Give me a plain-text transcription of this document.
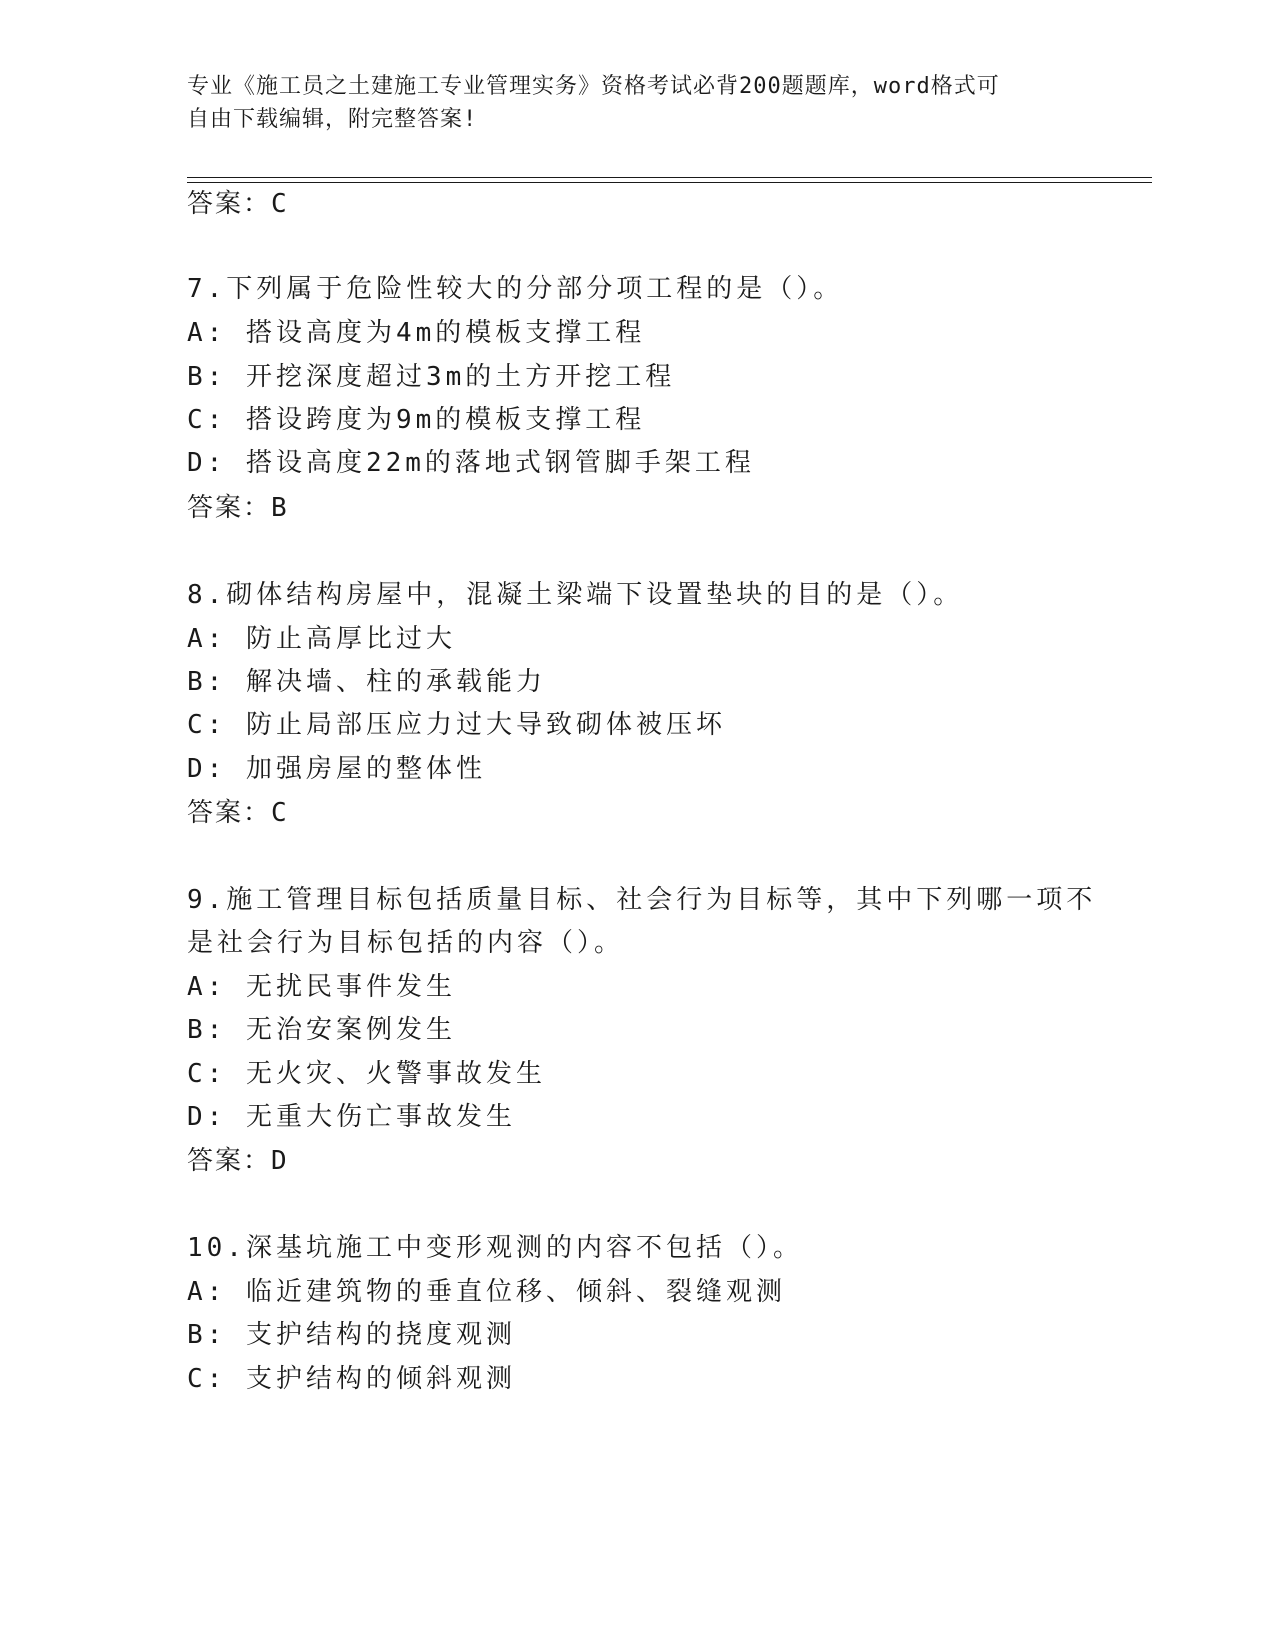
专业《施工员之土建施工专业管理实务》资格考试必背200题题库，word格式可
自由下载编辑，附完整答案!
答案：C
7.下列属于危险性较大的分部分项工程的是（）。
A: 搭设高度为4m的模板支撑工程
B: 开挖深度超过3m的土方开挖工程
C: 搭设跨度为9m的模板支撑工程
D: 搭设高度22m的落地式钢管脚手架工程
答案：B
8.砌体结构房屋中，混凝土梁端下设置垫块的目的是（）。
A: 防止高厚比过大
B: 解决墙、柱的承载能力
C: 防止局部压应力过大导致砌体被压坏
D: 加强房屋的整体性
答案：C
9.施工管理目标包括质量目标、社会行为目标等，其中下列哪一项不
是社会行为目标包括的内容（）。
A: 无扰民事件发生
B: 无治安案例发生
C: 无火灾、火警事故发生
D: 无重大伤亡事故发生
答案：D
10.深基坑施工中变形观测的内容不包括（）。
A: 临近建筑物的垂直位移、倾斜、裂缝观测
B: 支护结构的挠度观测
C: 支护结构的倾斜观测
